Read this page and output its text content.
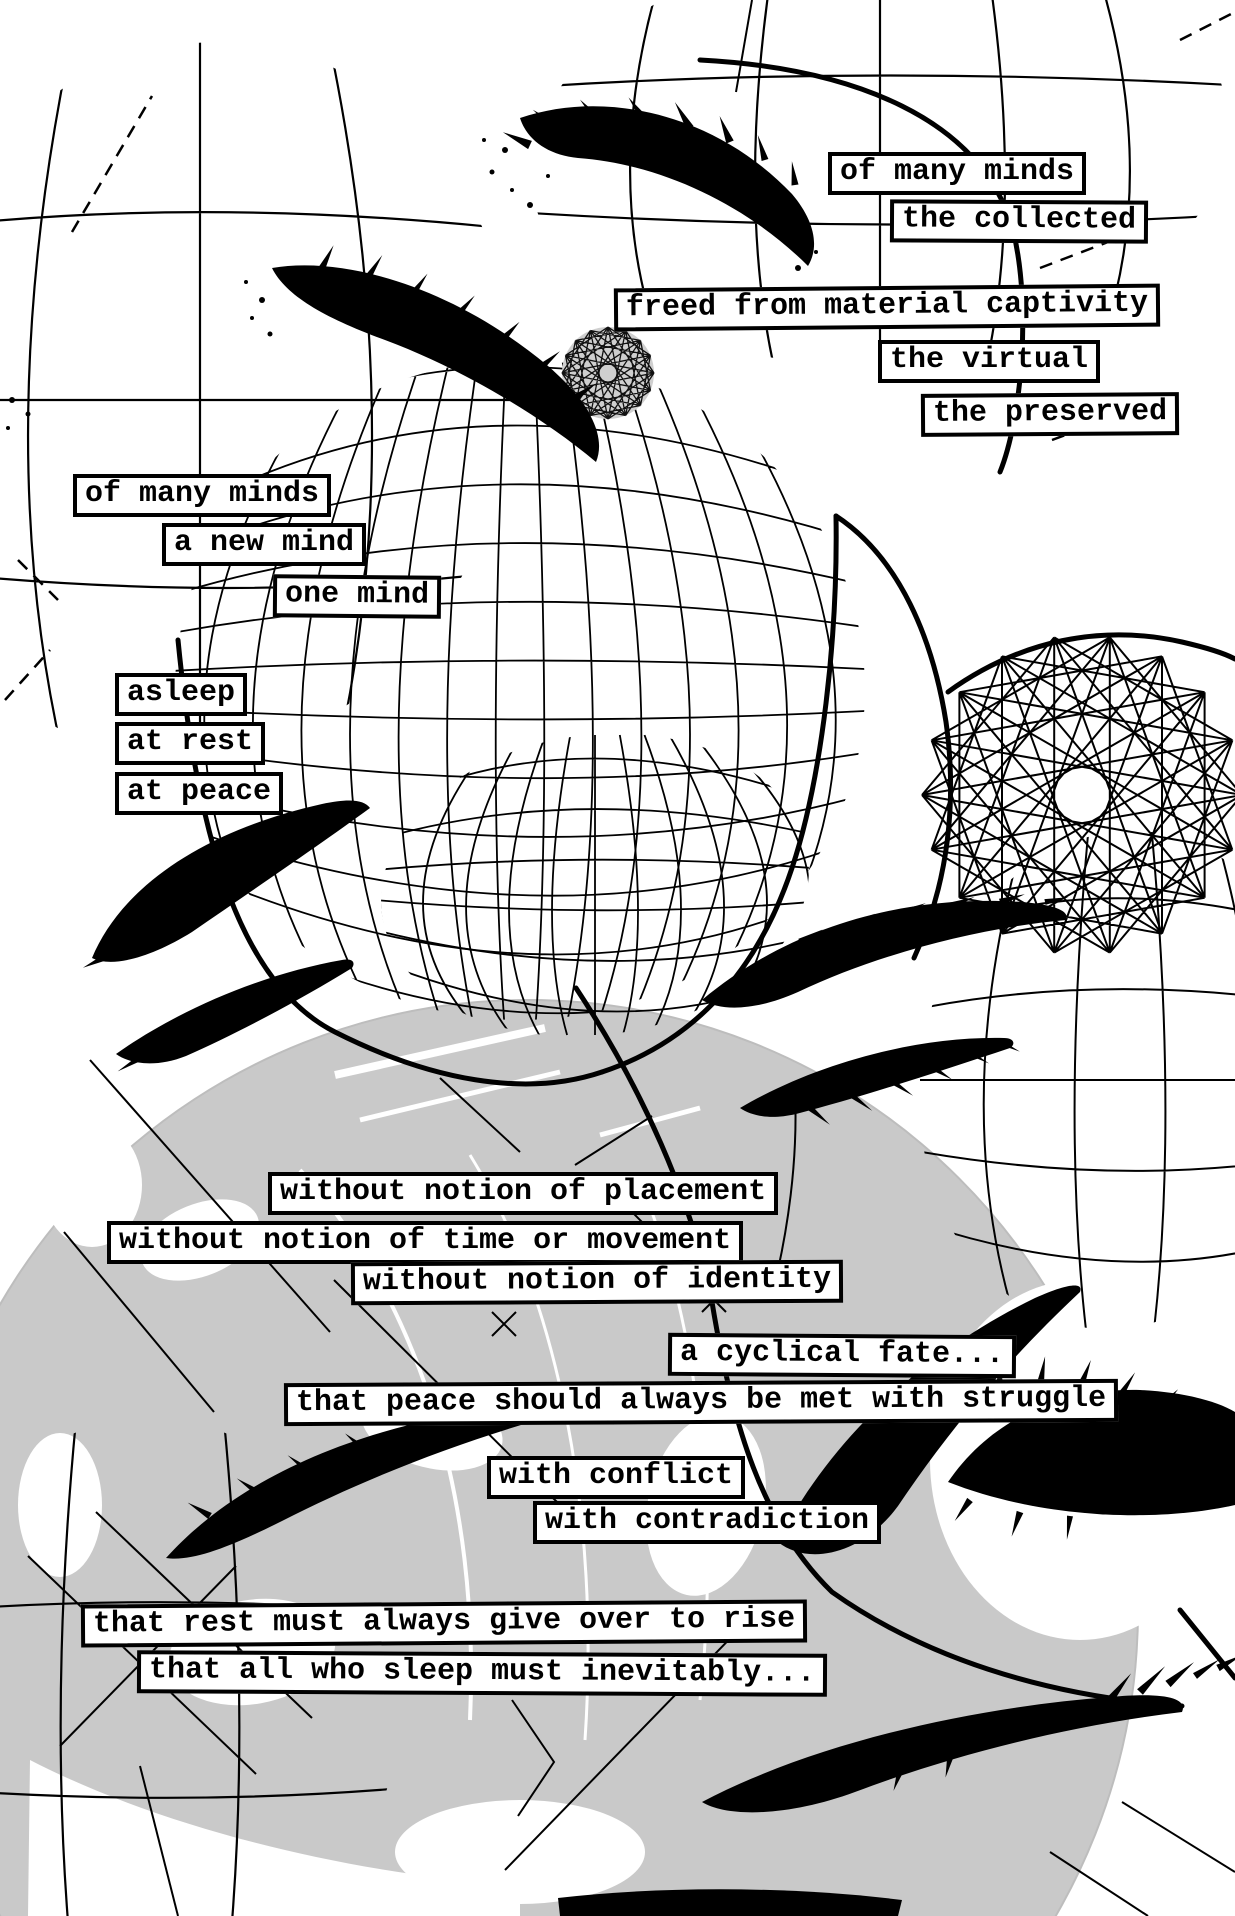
of many minds
the collected
freed from material captivity
the virtual
the preserved
of many minds
a new mind
one mind
asleep
at rest
at peace
without notion of placement
without notion of time or movement
without notion of identity
a cyclical fate...
that peace should always be met with struggle
with conflict
with contradiction
that rest must always give over to rise
that all who sleep must inevitably...
